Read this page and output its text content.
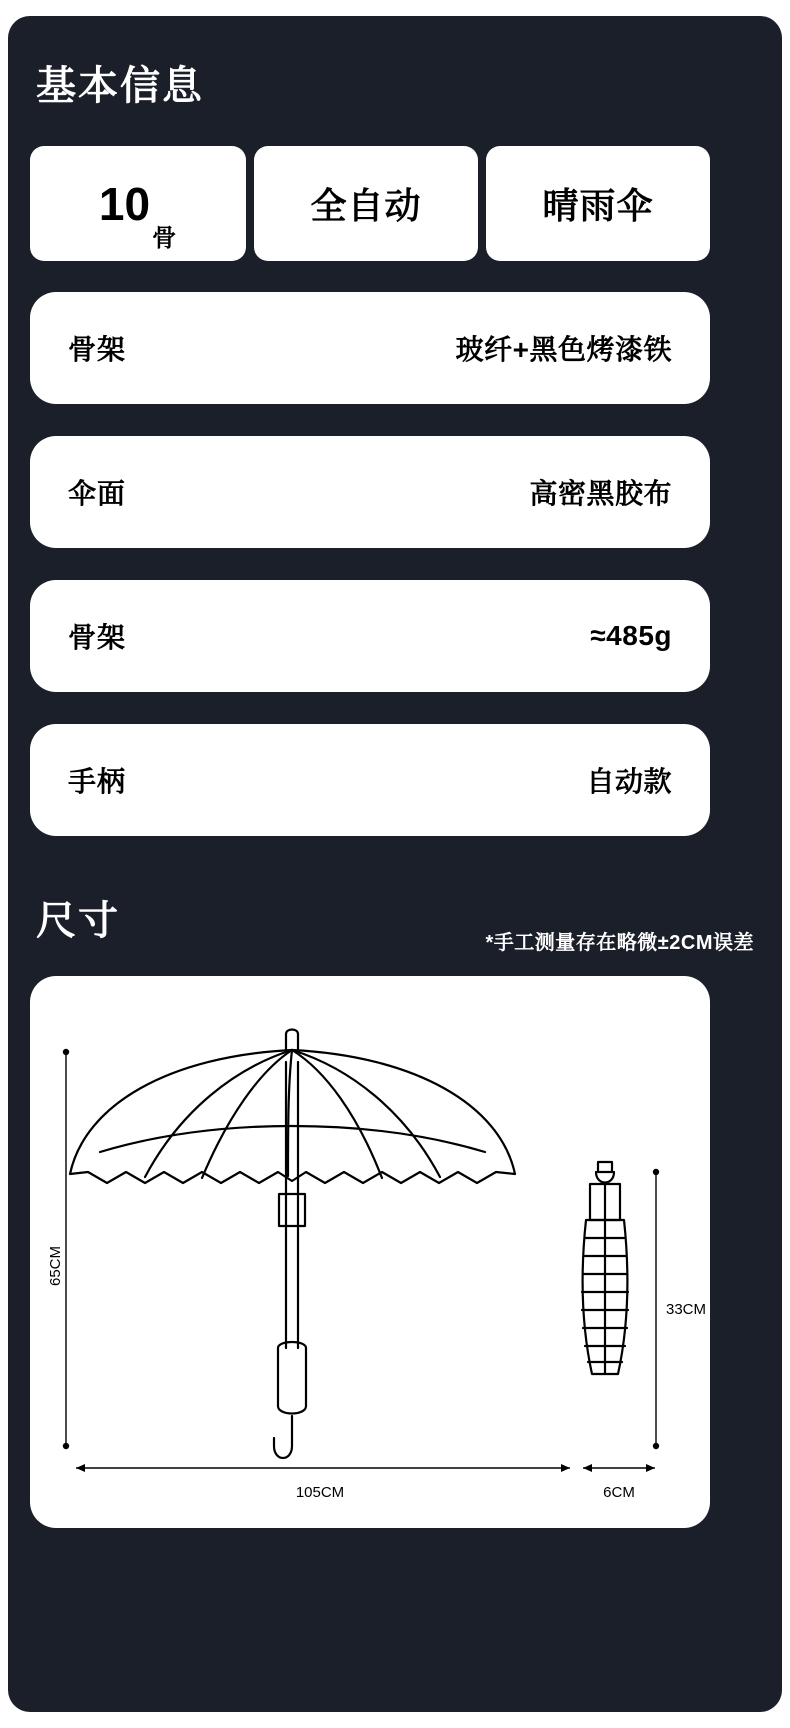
基本信息
10
骨
全自动	晴雨伞
骨架	玻纤+黑色烤漆铁
伞面	高密黑胶布
骨架	≈485g
手柄	自动款
尺寸	*手工测量存在略微±2CM误差
65CM
105CM
33CM
6CM
